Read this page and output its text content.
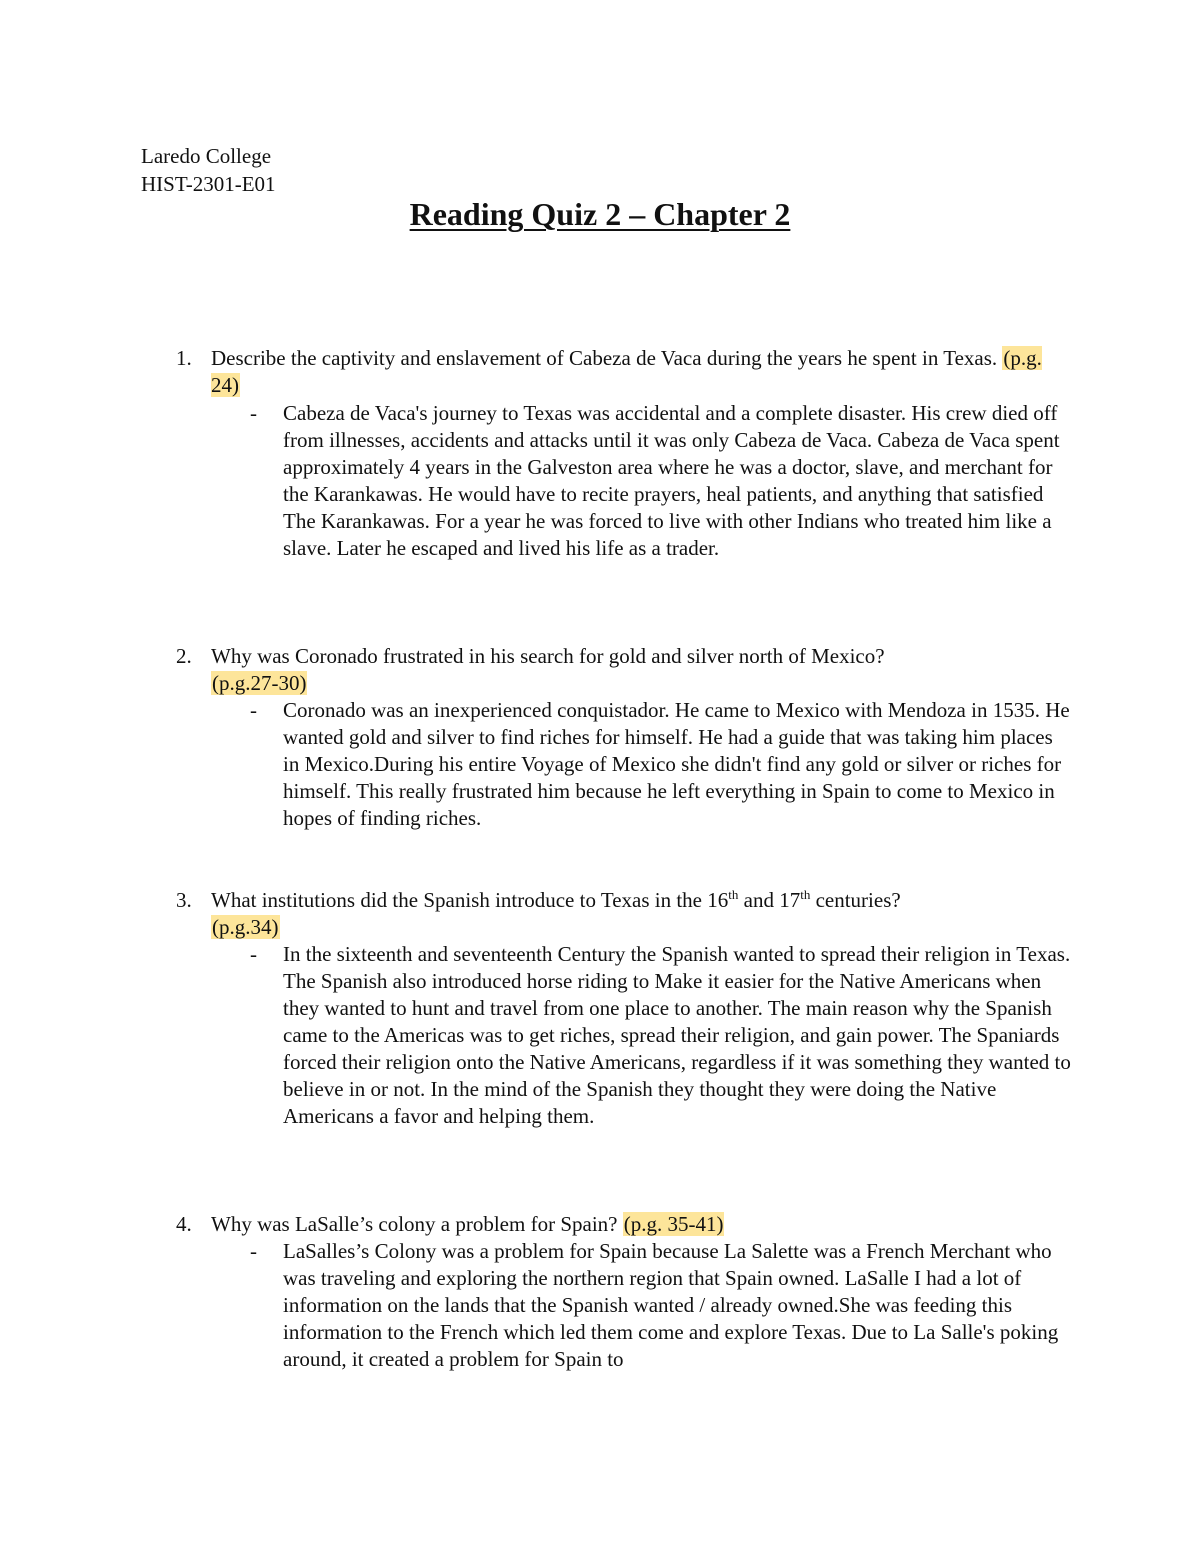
Laredo College
HIST-2301-E01
Reading Quiz 2 – Chapter 2
1. Describe the captivity and enslavement of Cabeza de Vaca during the years he spent in Texas. (p.g. 24)
- Cabeza de Vaca's journey to Texas was accidental and a complete disaster. His crew died off from illnesses, accidents and attacks until it was only Cabeza de Vaca. Cabeza de Vaca spent approximately 4 years in the Galveston area where he was a doctor, slave, and merchant for the Karankawas. He would have to recite prayers, heal patients, and anything that satisfied The Karankawas. For a year he was forced to live with other Indians who treated him like a slave. Later he escaped and lived his life as a trader.
2. Why was Coronado frustrated in his search for gold and silver north of Mexico?
(p.g.27-30)
- Coronado was an inexperienced conquistador. He came to Mexico with Mendoza in 1535. He wanted gold and silver to find riches for himself. He had a guide that was taking him places in Mexico.During his entire Voyage of Mexico she didn't find any gold or silver or riches for himself. This really frustrated him because he left everything in Spain to come to Mexico in hopes of finding riches.
3. What institutions did the Spanish introduce to Texas in the 16th and 17th centuries?
(p.g.34)
- In the sixteenth and seventeenth Century the Spanish wanted to spread their religion in Texas. The Spanish also introduced horse riding to Make it easier for the Native Americans when they wanted to hunt and travel from one place to another. The main reason why the Spanish came to the Americas was to get riches, spread their religion, and gain power. The Spaniards forced their religion onto the Native Americans, regardless if it was something they wanted to believe in or not. In the mind of the Spanish they thought they were doing the Native Americans a favor and helping them.
4. Why was LaSalle’s colony a problem for Spain? (p.g. 35-41)
- LaSalles’s Colony was a problem for Spain because La Salette was a French Merchant who was traveling and exploring the northern region that Spain owned. LaSalle I had a lot of information on the lands that the Spanish wanted / already owned.She was feeding this information to the French which led them come and explore Texas. Due to La Salle's poking around, it created a problem for Spain to
